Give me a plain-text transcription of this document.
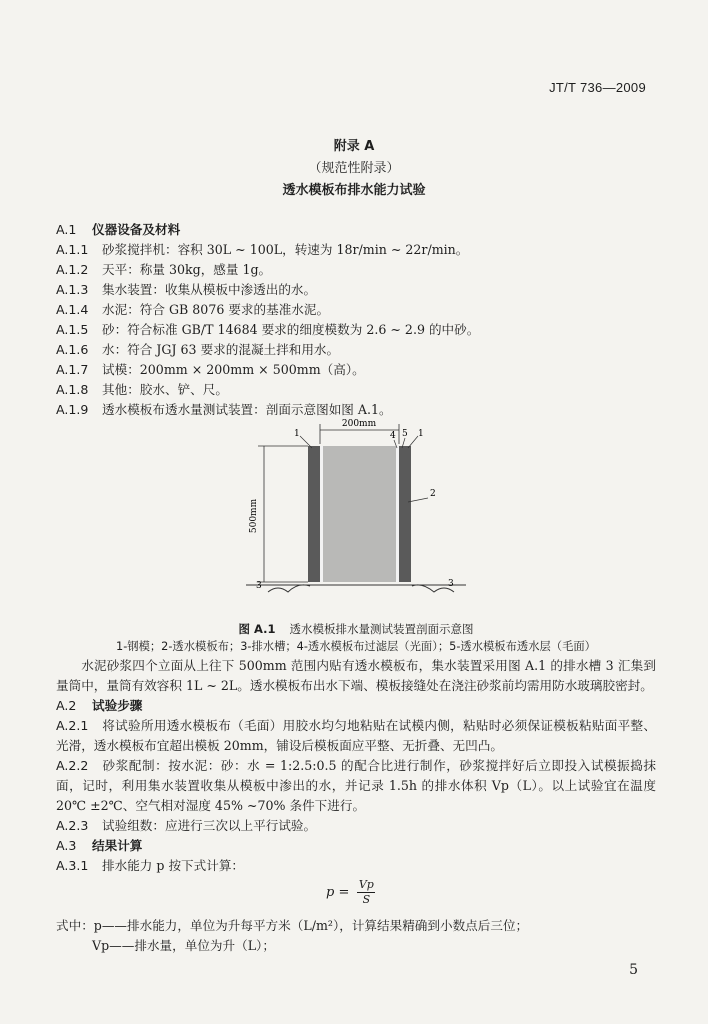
JT/T 736—2009
附录 A
（规范性附录）
透水模板布排水能力试验
A.1 仪器设备及材料
A.1.1 砂浆搅拌机：容积 30L ~ 100L，转速为 18r/min ~ 22r/min。
A.1.2 天平：称量 30kg，感量 1g。
A.1.3 集水装置：收集从模板中渗透出的水。
A.1.4 水泥：符合 GB 8076 要求的基准水泥。
A.1.5 砂：符合标准 GB/T 14684 要求的细度模数为 2.6 ~ 2.9 的中砂。
A.1.6 水：符合 JGJ 63 要求的混凝土拌和用水。
A.1.7 试模：200mm × 200mm × 500mm（高）。
A.1.8 其他：胶水、铲、尺。
A.1.9 透水模板布透水量测试装置：剖面示意图如图 A.1。
200mm
500mm
1	4 5 1
2
3	3
图 A.1 透水模板排水量测试装置剖面示意图
1-钢模；2-透水模板布；3-排水槽；4-透水模板布过滤层（光面）；5-透水模板布透水层（毛面）
水泥砂浆四个立面从上往下 500mm 范围内贴有透水模板布，集水装置采用图 A.1 的排水槽 3 汇集到量筒中，量筒有效容积 1L ~ 2L。透水模板布出水下端、模板接缝处在浇注砂浆前均需用防水玻璃胶密封。
A.2 试验步骤
A.2.1 将试验所用透水模板布（毛面）用胶水均匀地粘贴在试模内侧，粘贴时必须保证模板粘贴面平整、光滑，透水模板布宜超出模板 20mm，铺设后模板面应平整、无折叠、无凹凸。
A.2.2 砂浆配制：按水泥：砂：水 = 1:2.5:0.5 的配合比进行制作，砂浆搅拌好后立即投入试模振捣抹面，记时，利用集水装置收集从模板中渗出的水，并记录 1.5h 的排水体积 Vp（L）。以上试验宜在温度 20℃ ±2℃、空气相对湿度 45% ~70% 条件下进行。
A.2.3 试验组数：应进行三次以上平行试验。
A.3 结果计算
A.3.1 排水能力 p 按下式计算：
$p = \frac{Vp}{S}$
式中：p——排水能力，单位为升每平方米（L/m²），计算结果精确到小数点后三位；
Vp——排水量，单位为升（L）；
5
